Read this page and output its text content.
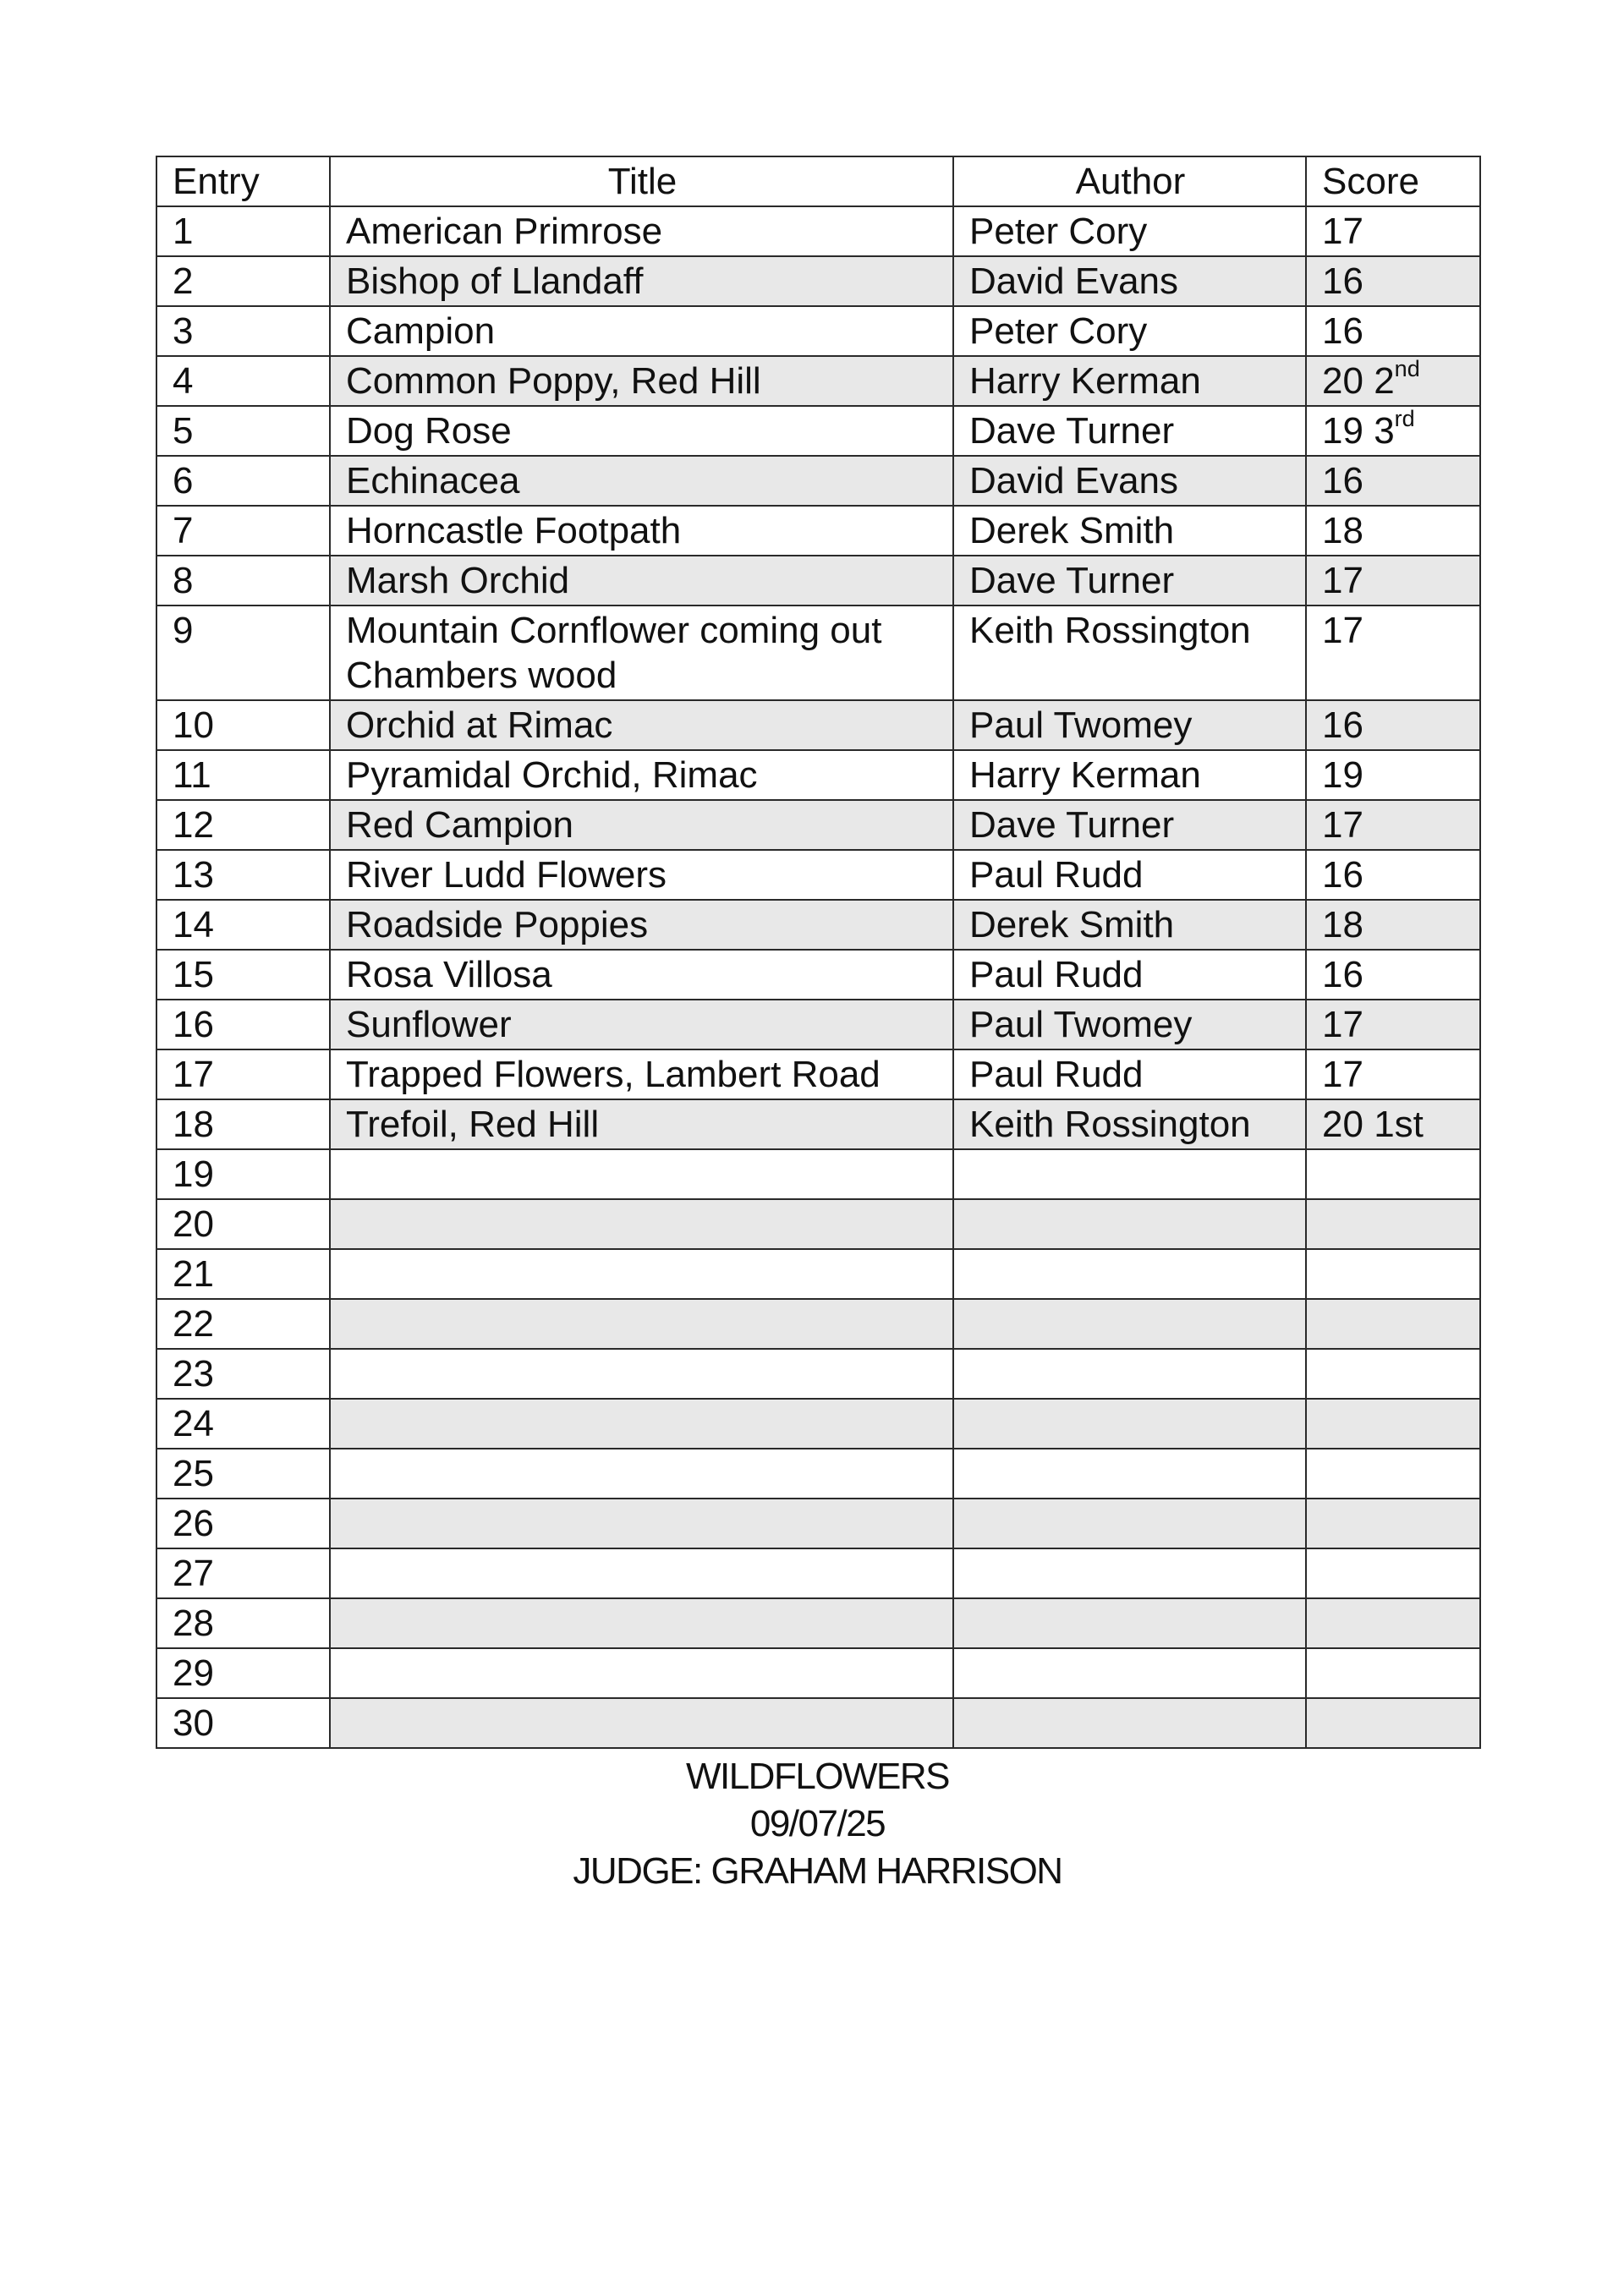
Entry	Title	Author	Score
1	American Primrose	Peter Cory	17
2	Bishop of Llandaff	David Evans	16
3	Campion	Peter Cory	16
4	Common Poppy, Red Hill	Harry Kerman	20 2nd
5	Dog Rose	Dave Turner	19 3rd
6	Echinacea	David Evans	16
7	Horncastle Footpath	Derek Smith	18
8	Marsh Orchid	Dave Turner	17
9	Mountain Cornflower coming out Chambers wood	Keith Rossington	17
10	Orchid at Rimac	Paul Twomey	16
11	Pyramidal Orchid, Rimac	Harry Kerman	19
12	Red Campion	Dave Turner	17
13	River Ludd Flowers	Paul Rudd	16
14	Roadside Poppies	Derek Smith	18
15	Rosa Villosa	Paul Rudd	16
16	Sunflower	Paul Twomey	17
17	Trapped Flowers, Lambert Road	Paul Rudd	17
18	Trefoil, Red Hill	Keith Rossington	20 1st
19			
20			
21			
22			
23			
24			
25			
26			
27			
28			
29			
30			
WILDFLOWERS
09/07/25
JUDGE: GRAHAM HARRISON
